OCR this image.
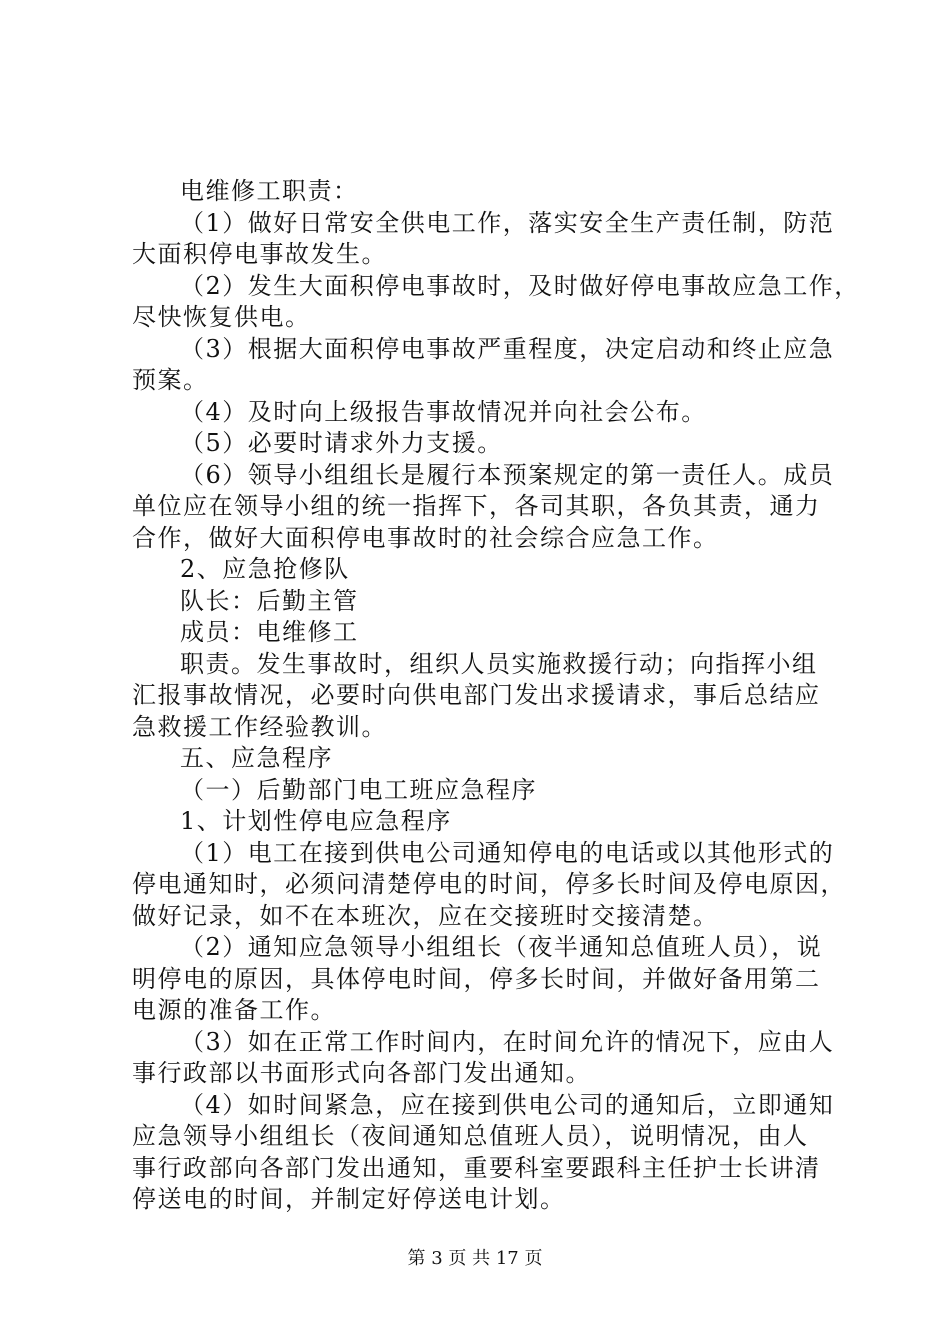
电维修工职责：

（1）做好日常安全供电工作，落实安全生产责任制，防范
大面积停电事故发生。

（2）发生大面积停电事故时，及时做好停电事故应急工作，
尽快恢复供电。

（3）根据大面积停电事故严重程度，决定启动和终止应急
预案。

（4）及时向上级报告事故情况并向社会公布。

（5）必要时请求外力支援。

（6）领导小组组长是履行本预案规定的第一责任人。成员
单位应在领导小组的统一指挥下，各司其职，各负其责，通力
合作，做好大面积停电事故时的社会综合应急工作。

2、应急抢修队

队长：后勤主管

成员：电维修工

职责。发生事故时，组织人员实施救援行动；向指挥小组
汇报事故情况，必要时向供电部门发出求援请求，事后总结应
急救援工作经验教训。

五、应急程序

（一）后勤部门电工班应急程序

1、计划性停电应急程序

（1）电工在接到供电公司通知停电的电话或以其他形式的
停电通知时，必须问清楚停电的时间，停多长时间及停电原因，
做好记录，如不在本班次，应在交接班时交接清楚。

（2）通知应急领导小组组长（夜半通知总值班人员），说
明停电的原因，具体停电时间，停多长时间，并做好备用第二
电源的准备工作。

（3）如在正常工作时间内，在时间允许的情况下，应由人
事行政部以书面形式向各部门发出通知。

（4）如时间紧急，应在接到供电公司的通知后，立即通知
应急领导小组组长（夜间通知总值班人员），说明情况，由人
事行政部向各部门发出通知，重要科室要跟科主任护士长讲清
停送电的时间，并制定好停送电计划。

第 3 页 共 17 页
